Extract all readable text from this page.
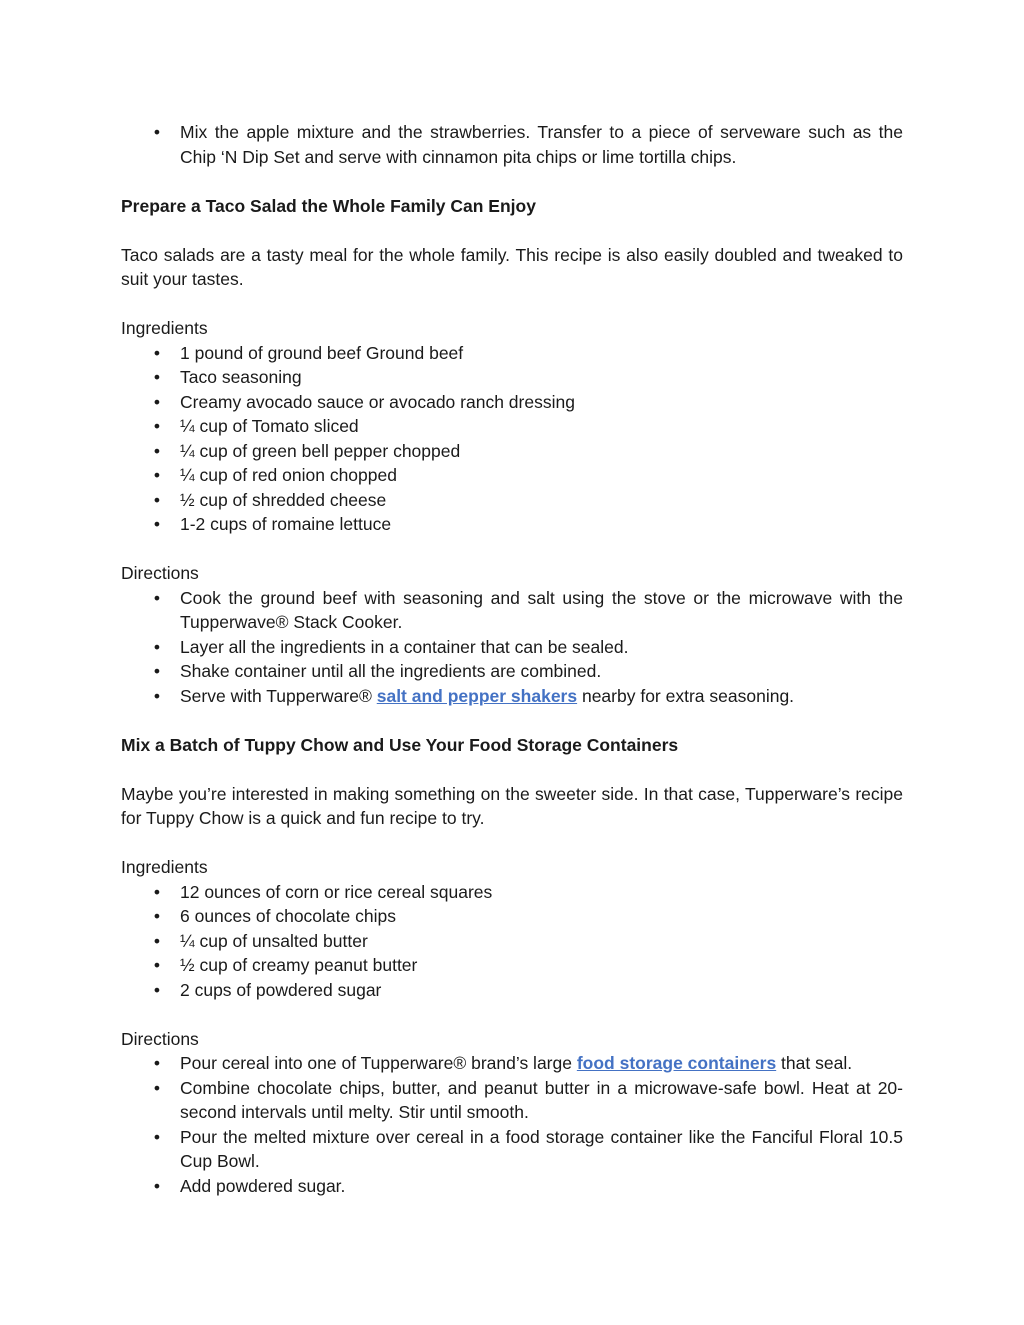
• Mix the apple mixture and the strawberries. Transfer to a piece of serveware such as the Chip ‘N Dip Set and serve with cinnamon pita chips or lime tortilla chips.

Prepare a Taco Salad the Whole Family Can Enjoy

Taco salads are a tasty meal for the whole family. This recipe is also easily doubled and tweaked to suit your tastes.

Ingredients

• 1 pound of ground beef Ground beef
• Taco seasoning
• Creamy avocado sauce or avocado ranch dressing
• ¼ cup of Tomato sliced
• ¼ cup of green bell pepper chopped
• ¼ cup of red onion chopped
• ½ cup of shredded cheese
• 1-2 cups of romaine lettuce

Directions

• Cook the ground beef with seasoning and salt using the stove or the microwave with the Tupperwave® Stack Cooker.
• Layer all the ingredients in a container that can be sealed.
• Shake container until all the ingredients are combined.
• Serve with Tupperware® salt and pepper shakers nearby for extra seasoning.

Mix a Batch of Tuppy Chow and Use Your Food Storage Containers

Maybe you’re interested in making something on the sweeter side. In that case, Tupperware’s recipe for Tuppy Chow is a quick and fun recipe to try.

Ingredients

• 12 ounces of corn or rice cereal squares
• 6 ounces of chocolate chips
• ¼ cup of unsalted butter
• ½ cup of creamy peanut butter
• 2 cups of powdered sugar

Directions

• Pour cereal into one of Tupperware® brand’s large food storage containers that seal.
• Combine chocolate chips, butter, and peanut butter in a microwave-safe bowl. Heat at 20-second intervals until melty. Stir until smooth.
• Pour the melted mixture over cereal in a food storage container like the Fanciful Floral 10.5 Cup Bowl.
• Add powdered sugar.
